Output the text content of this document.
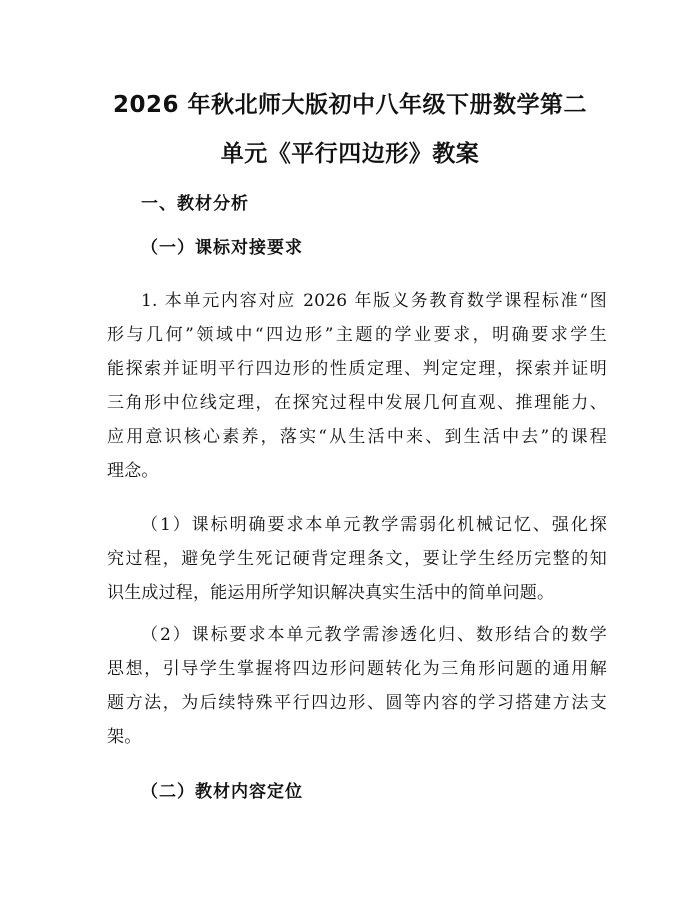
2026 年秋北师大版初中八年级下册数学第二
单元《平行四边形》教案
一、教材分析
（一）课标对接要求
1. 本单元内容对应 2026 年版义务教育数学课程标准“图
形与几何”领域中“四边形”主题的学业要求，明确要求学生
能探索并证明平行四边形的性质定理、判定定理，探索并证明
三角形中位线定理，在探究过程中发展几何直观、推理能力、
应用意识核心素养，落实“从生活中来、到生活中去”的课程
理念。
（1）课标明确要求本单元教学需弱化机械记忆、强化探
究过程，避免学生死记硬背定理条文，要让学生经历完整的知
识生成过程，能运用所学知识解决真实生活中的简单问题。
（2）课标要求本单元教学需渗透化归、数形结合的数学
思想，引导学生掌握将四边形问题转化为三角形问题的通用解
题方法，为后续特殊平行四边形、圆等内容的学习搭建方法支
架。
（二）教材内容定位
